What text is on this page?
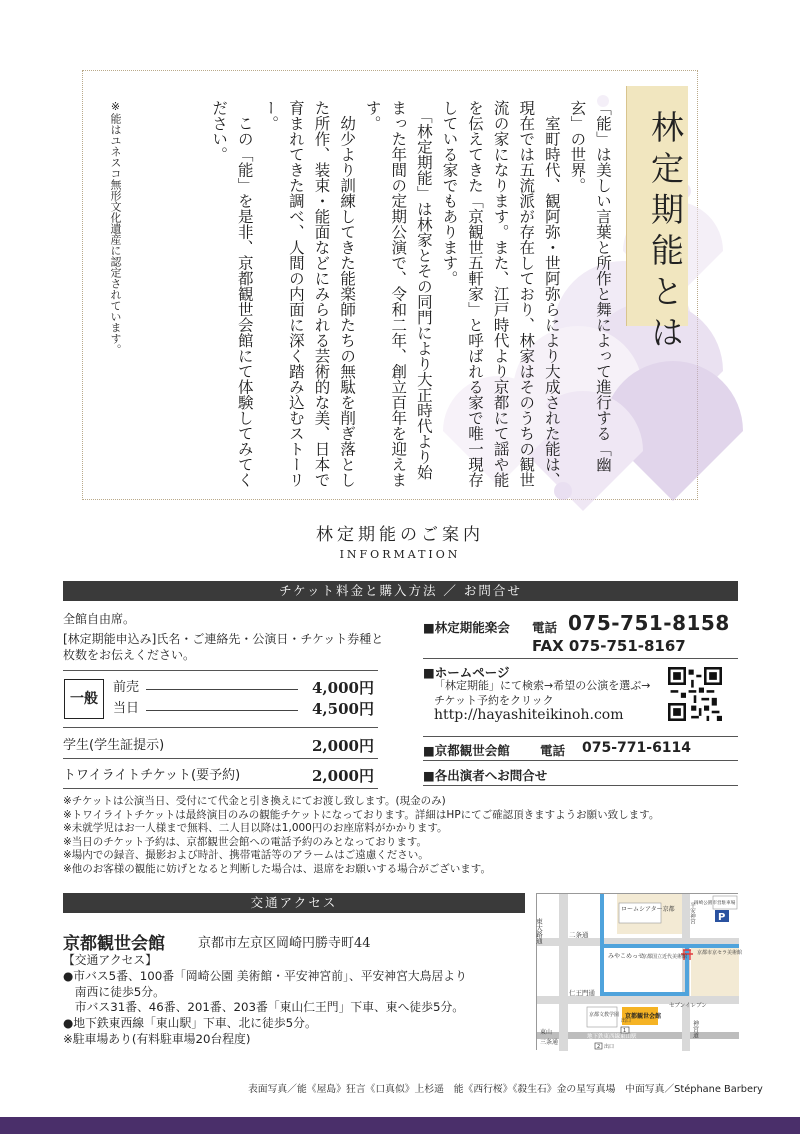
林定期能とは

「能」は美しい言葉と所作と舞によって進行する「幽玄」の世界。

　室町時代、観阿弥・世阿弥らにより大成された能は、現在では五流派が存在しており、林家はそのうちの観世流の家になります。また、江戸時代より京都にて謡や能を伝えてきた「京観世五軒家」と呼ばれる家で唯一現存している家でもあります。

　「林定期能」は林家とその同門により大正時代より始まった年間の定期公演で、令和二年、創立百年を迎えます。

　幼少より訓練してきた能楽師たちの無駄を削ぎ落とした所作、装束・能面などにみられる芸術的な美、日本で育まれてきた調べ、人間の内面に深く踏み込むストーリー。

　この「能」を是非、京都観世会館にて体験してみてください。

※能はユネスコ無形文化遺産に認定されています。
林定期能のご案内
INFORMATION
チケット料金と購入方法 ／ お問合せ
全館自由席。
[林定期能申込み]氏名・ご連絡先・公演日・チケット券種と
枚数をお伝えください。
一般
前売	4,000円
当日	4,500円
学生(学生証提示)	2,000円
トワイライトチケット(要予約)	2,000円
■林定期能楽会 電話 075-751-8158
FAX 075-751-8167
■ホームページ
「林定期能」にて検索→希望の公演を選ぶ→
チケット予約をクリック
http://hayashiteikinoh.com
■京都観世会館 電話 075-771-6114
■各出演者へお問合せ
※チケットは公演当日、受付にて代金と引き換えにてお渡し致します。(現金のみ)
※トワイライトチケットは最終演目のみの観能チケットになっております。詳細はHPにてご確認頂きますようお願い致します。
※未就学児はお一人様まで無料、二人目以降は1,000円のお座席料がかかります。
※当日のチケット予約は、京都観世会館への電話予約のみとなっております。
※場内での録音、撮影および時計、携帯電話等のアラームはご遠慮ください。
※他のお客様の観能に妨げとなると判断した場合は、退席をお願いする場合がございます。
交通アクセス
京都観世会館	京都市左京区岡崎円勝寺町44
【交通アクセス】
●市バス5番、100番「岡崎公園 美術館・平安神宮前」、平安神宮大鳥居より
　南西に徒歩5分。
　市バス31番、46番、201番、203番「東山仁王門」下車、東へ徒歩5分。
●地下鉄東西線「東山駅」下車、北に徒歩5分。
※駐車場あり(有料駐車場20台程度)
P
東大路通	二条通
仁王門通
ロームシアター京都
みやこめっせ
京都国立近代美術館
岡崎公園市営駐車場
京都市京セラ美術館
神宮道
平安神宮
京都文教学園 京都観世会館
セブンイレブン
東山
三条通
地下鉄東西線東山駅
1
出口
2 出口
表面写真／能《屋島》狂言《口真似》上杉遥　能《西行桜》《殺生石》金の星写真場　中面写真／Stéphane Barbery
